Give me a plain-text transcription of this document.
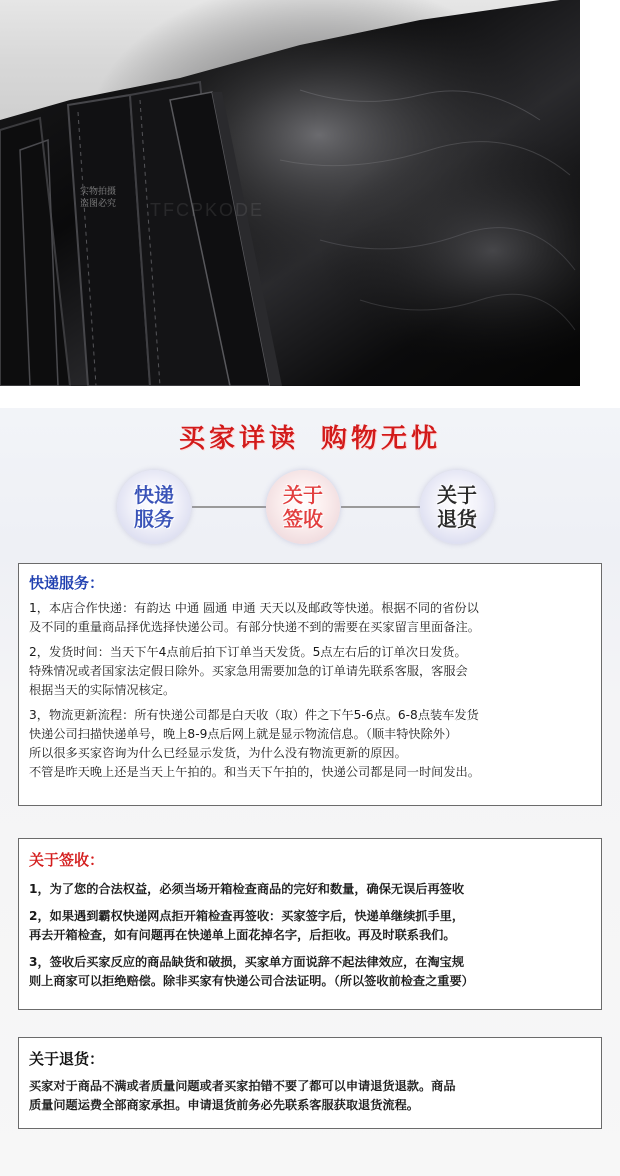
实物拍摄
盗图必究	TFCPKODE
买家详读 购物无忧
快递
服务
关于
签收
关于
退货
快递服务：

1，本店合作快递：有韵达 中通 圆通 申通 天天以及邮政等快递。根据不同的省份以

及不同的重量商品择优选择快递公司。有部分快递不到的需要在买家留言里面备注。

2，发货时间：当天下午4点前后拍下订单当天发货。5点左右后的订单次日发货。

特殊情况或者国家法定假日除外。买家急用需要加急的订单请先联系客服，客服会

根据当天的实际情况核定。

3，物流更新流程：所有快递公司都是白天收（取）件之下午5-6点。6-8点装车发货

快递公司扫描快递单号，晚上8-9点后网上就是显示物流信息。（顺丰特快除外）

所以很多买家咨询为什么已经显示发货，为什么没有物流更新的原因。

不管是昨天晚上还是当天上午拍的。和当天下午拍的，快递公司都是同一时间发出。

关于签收：

1，为了您的合法权益，必须当场开箱检查商品的完好和数量，确保无误后再签收

2，如果遇到霸权快递网点拒开箱检查再签收：买家签字后，快递单继续抓手里，

再去开箱检查，如有问题再在快递单上面花掉名字，后拒收。再及时联系我们。

3，签收后买家反应的商品缺货和破损，买家单方面说辞不起法律效应，在淘宝规

则上商家可以拒绝赔偿。除非买家有快递公司合法证明。（所以签收前检查之重要）

关于退货：

买家对于商品不满或者质量问题或者买家拍错不要了都可以申请退货退款。商品

质量问题运费全部商家承担。申请退货前务必先联系客服获取退货流程。
